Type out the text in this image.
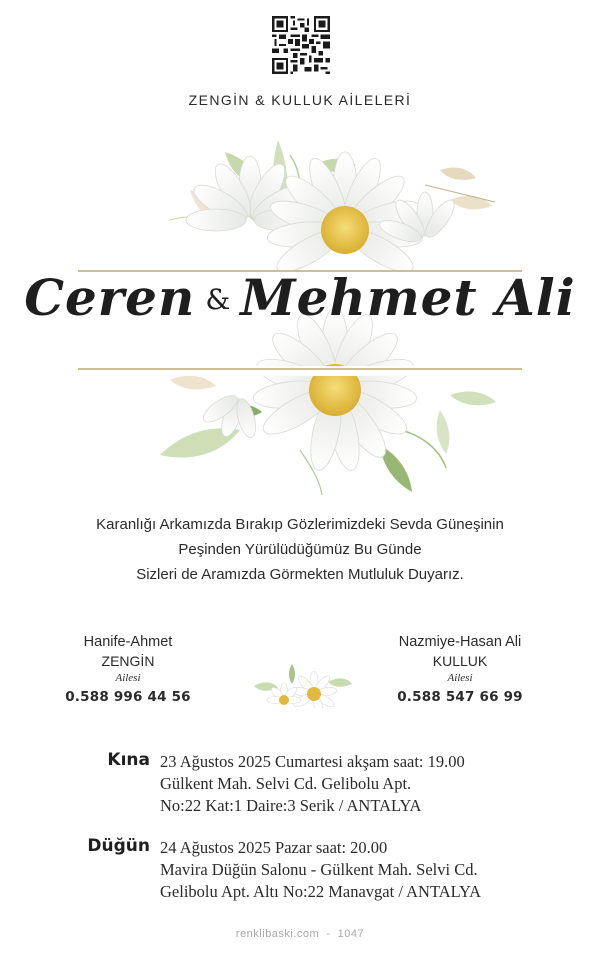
ZENGİN & KULLUK AİLELERİ
Ceren & Mehmet Ali
Karanlığı Arkamızda Bırakıp Gözlerimizdeki Sevda Güneşinin
Peşinden Yürülüdüğümüz Bu Günde
Sizleri de Aramızda Görmekten Mutluluk Duyarız.
Hanife-Ahmet
ZENGİN
Ailesi
0.588 996 44 56
Nazmiye-Hasan Ali
KULLUK
Ailesi
0.588 547 66 99
Kına 23 Ağustos 2025 Cumartesi akşam saat: 19.00
Gülkent Mah. Selvi Cd. Gelibolu Apt.
No:22 Kat:1 Daire:3 Serik / ANTALYA
Düğün 24 Ağustos 2025 Pazar saat: 20.00
Mavira Düğün Salonu - Gülkent Mah. Selvi Cd.
Gelibolu Apt. Altı No:22 Manavgat / ANTALYA
renklibaski.com  -  1047
